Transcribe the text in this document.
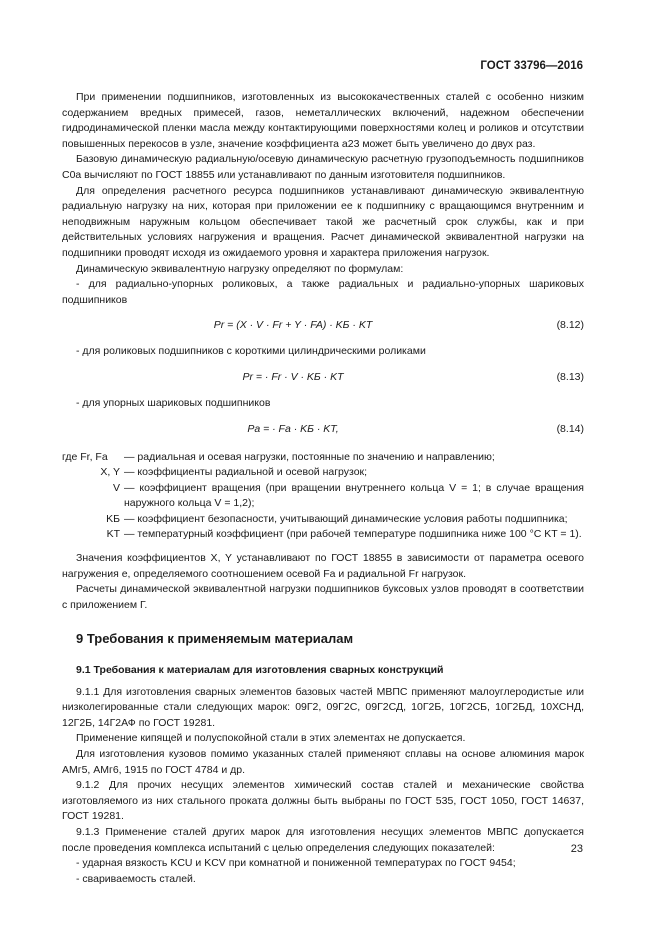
ГОСТ 33796—2016

При применении подшипников, изготовленных из высококачественных сталей с особенно низким содержанием вредных примесей, газов, неметаллических включений, надежном обеспечении гидродинамической пленки масла между контактирующими поверхностями колец и роликов и отсутствии повышенных перекосов в узле, значение коэффициента a23 может быть увеличено до двух раз.

Базовую динамическую радиальную/осевую динамическую расчетную грузоподъемность подшипников C0a вычисляют по ГОСТ 18855 или устанавливают по данным изготовителя подшипников.

Для определения расчетного ресурса подшипников устанавливают динамическую эквивалентную радиальную нагрузку на них, которая при приложении ее к подшипнику с вращающимся внутренним и неподвижным наружным кольцом обеспечивает такой же расчетный срок службы, как и при действительных условиях нагружения и вращения. Расчет динамической эквивалентной нагрузки на подшипники проводят исходя из ожидаемого уровня и характера приложения нагрузок.

Динамическую эквивалентную нагрузку определяют по формулам:

- для радиально-упорных роликовых, а также радиальных и радиально-упорных шариковых подшипников

Pr = (X · V · Fr + Y · FA) · KБ · KT	(8.12)

- для роликовых подшипников с короткими цилиндрическими роликами

Pr = · Fr · V · KБ · KT	(8.13)

- для упорных шариковых подшипников

Pa = · Fa · KБ · KT,	(8.14)
где Fr, Fa	— радиальная и осевая нагрузки, постоянные по значению и направлению;
X, Y — коэффициенты радиальной и осевой нагрузок;
V — коэффициент вращения (при вращении внутреннего кольца V = 1; в случае вращения наружного кольца V = 1,2);
KБ — коэффициент безопасности, учитывающий динамические условия работы подшипника;
KT — температурный коэффициент (при рабочей температуре подшипника ниже 100 °C KT = 1).

Значения коэффициентов X, Y устанавливают по ГОСТ 18855 в зависимости от параметра осевого нагружения e, определяемого соотношением осевой Fa и радиальной Fr нагрузок.

Расчеты динамической эквивалентной нагрузки подшипников буксовых узлов проводят в соответствии с приложением Г.

9 Требования к применяемым материалам
9.1 Требования к материалам для изготовления сварных конструкций

9.1.1 Для изготовления сварных элементов базовых частей МВПС применяют малоуглеродистые или низколегированные стали следующих марок: 09Г2, 09Г2С, 09Г2СД, 10Г2Б, 10Г2СБ, 10Г2БД, 10ХСНД, 12Г2Б, 14Г2АФ по ГОСТ 19281.

Применение кипящей и полуспокойной стали в этих элементах не допускается.

Для изготовления кузовов помимо указанных сталей применяют сплавы на основе алюминия марок АМг5, АМг6, 1915 по ГОСТ 4784 и др.

9.1.2 Для прочих несущих элементов химический состав сталей и механические свойства изготовляемого из них стального проката должны быть выбраны по ГОСТ 535, ГОСТ 1050, ГОСТ 14637, ГОСТ 19281.

9.1.3 Применение сталей других марок для изготовления несущих элементов МВПС допускается после проведения комплекса испытаний с целью определения следующих показателей:

- ударная вязкость KCU и KCV при комнатной и пониженной температурах по ГОСТ 9454;

- свариваемость сталей.

23
